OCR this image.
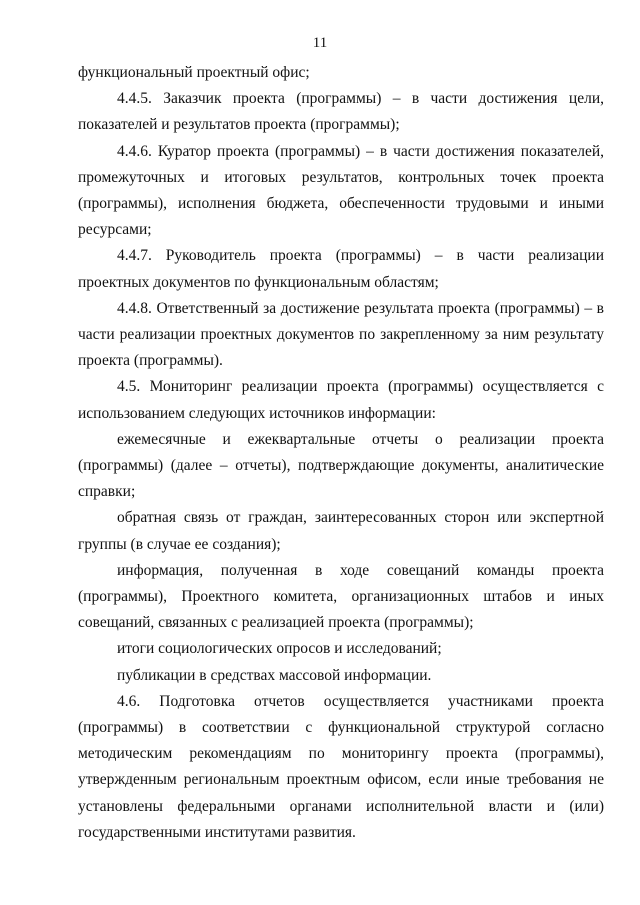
11

функциональный проектный офис;

4.4.5. Заказчик проекта (программы) – в части достижения цели, показателей и результатов проекта (программы);

4.4.6. Куратор проекта (программы) – в части достижения показателей, промежуточных и итоговых результатов, контрольных точек проекта (программы), исполнения бюджета, обеспеченности трудовыми и иными ресурсами;

4.4.7. Руководитель проекта (программы) – в части реализации проектных документов по функциональным областям;

4.4.8. Ответственный за достижение результата проекта (программы) – в части реализации проектных документов по закрепленному за ним результату проекта (программы).

4.5. Мониторинг реализации проекта (программы) осуществляется с использованием следующих источников информации:

ежемесячные и ежеквартальные отчеты о реализации проекта (программы) (далее – отчеты), подтверждающие документы, аналитические справки;

обратная связь от граждан, заинтересованных сторон или экспертной группы (в случае ее создания);

информация, полученная в ходе совещаний команды проекта (программы), Проектного комитета, организационных штабов и иных совещаний, связанных с реализацией проекта (программы);

итоги социологических опросов и исследований;

публикации в средствах массовой информации.

4.6. Подготовка отчетов осуществляется участниками проекта (программы) в соответствии с функциональной структурой согласно методическим рекомендациям по мониторингу проекта (программы), утвержденным региональным проектным офисом, если иные требования не установлены федеральными органами исполнительной власти и (или) государственными институтами развития.
